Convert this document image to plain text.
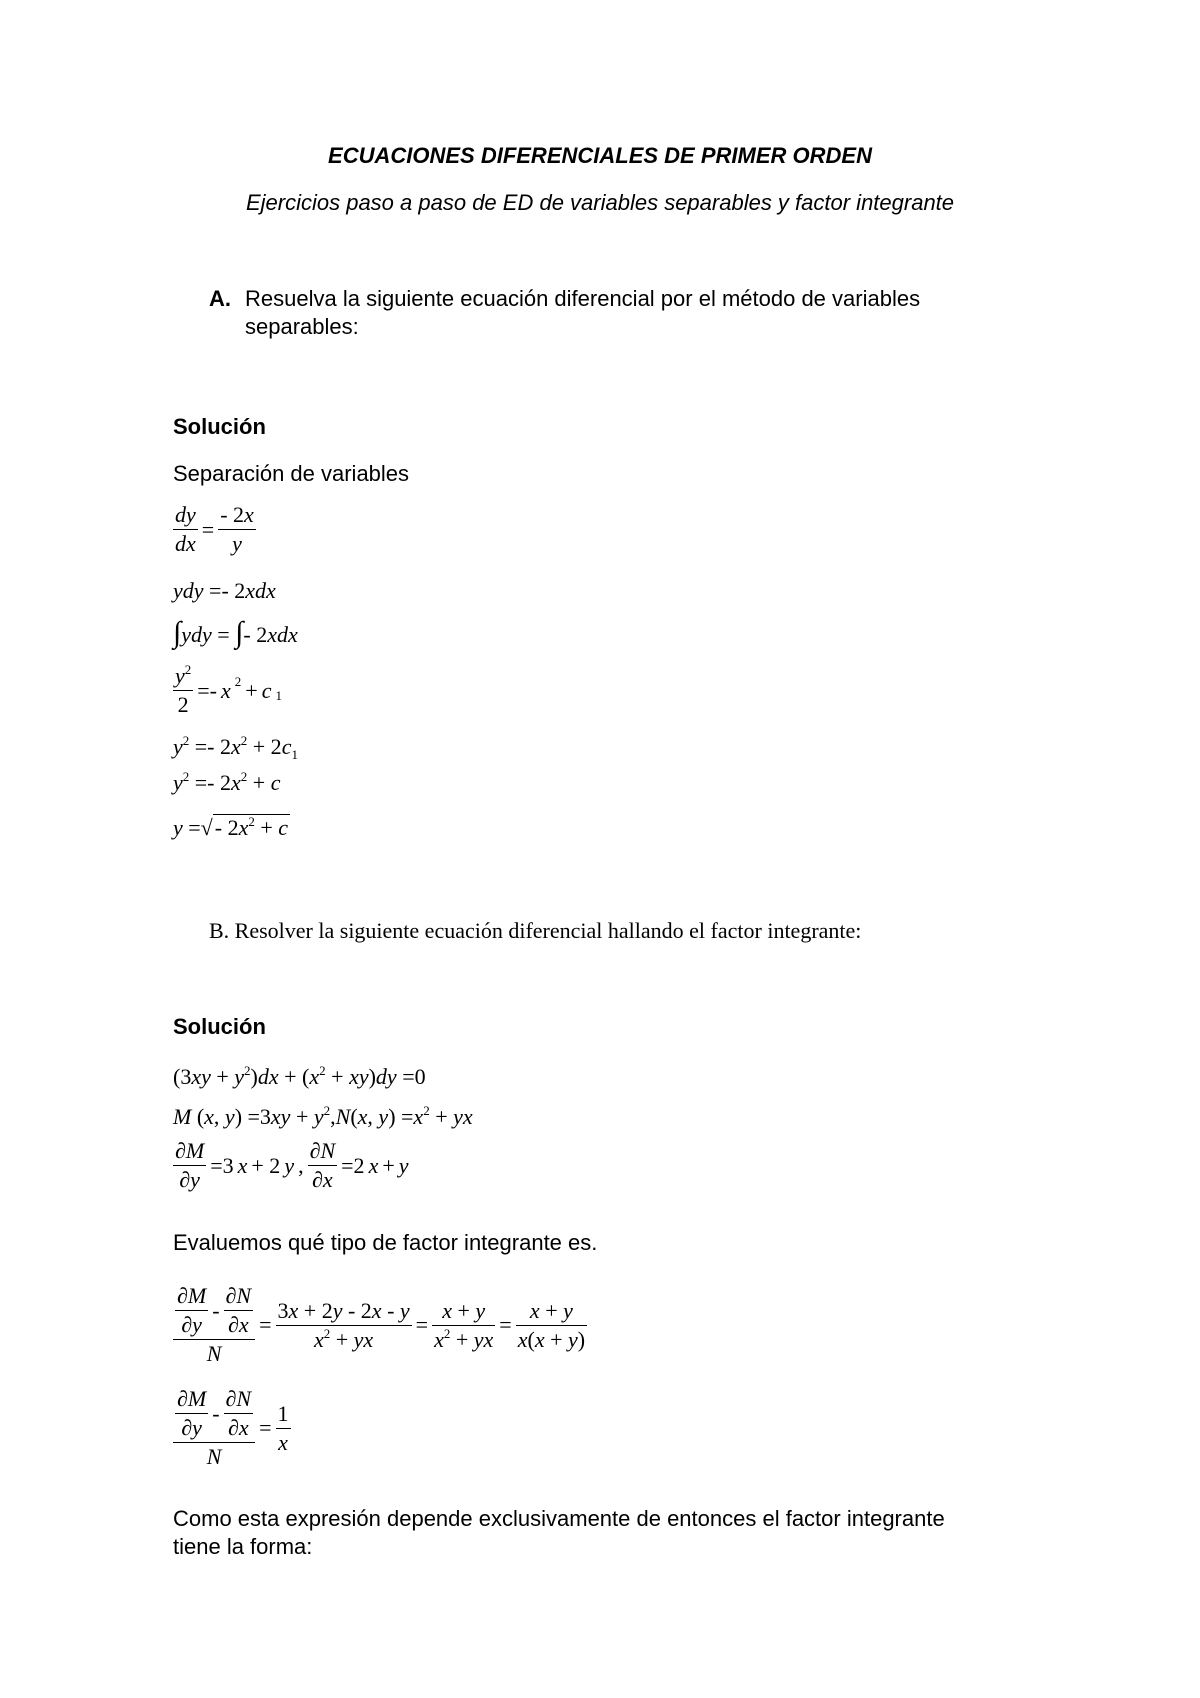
ECUACIONES DIFERENCIALES DE PRIMER ORDEN
Ejercicios paso a paso de ED de variables separables y factor integrante
A. Resuelva la siguiente ecuación diferencial por el método de variables
separables:
Solución
Separación de variables
$\frac{dy}{dx} = \frac{- 2x}{y}$
ydy =- 2xdx
∫ydy = ∫- 2xdx
$\frac{y^2}{2} =- x$ $^2$ + c $_1$
$y^2 =- 2x^2 + 2c_1$
$y^2 =- 2x^2 + c$
y =√- $2x^2 + c$
B. Resolver la siguiente ecuación diferencial hallando el factor integrante:
Solución
$(3xy + y^2)dx + (x^2 + xy)dy =0$
M (x, $y) =3xy + y^2,N(x$, $y) =x^2$ + yx
$\frac{\partial M}{\partial y} =3$ x + 2 y , $\frac{\partial N}{\partial x} =2$ x + y
Evaluemos qué tipo de factor integrante es.
$\frac{\frac{\partial M}{\partial y} - \frac{\partial N}{\partial x}}{N} = \frac{3x + 2y - 2x - y}{x^2 + yx} = \frac{x + y}{x^2 + yx} = \frac{x + y}{x(x + y)}$
$\frac{\frac{\partial M}{\partial y} - \frac{\partial N}{\partial x}}{N} = \frac{1}{x}$
Como esta expresión depende exclusivamente de entonces el factor integrante
tiene la forma:
